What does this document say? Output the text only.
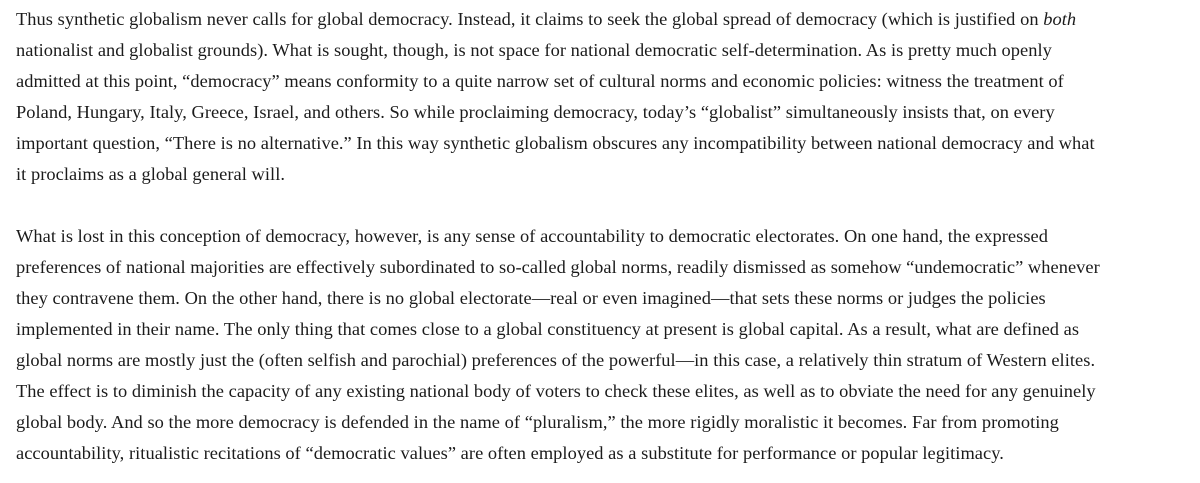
Thus synthetic globalism never calls for global democracy. Instead, it claims to seek the global spread of democracy (which is justified on both
nationalist and globalist grounds). What is sought, though, is not space for national democratic self-determination. As is pretty much openly
admitted at this point, “democracy” means conformity to a quite narrow set of cultural norms and economic policies: witness the treatment of
Poland, Hungary, Italy, Greece, Israel, and others. So while proclaiming democracy, today’s “globalist” simultaneously insists that, on every
important question, “There is no alternative.” In this way synthetic globalism obscures any incompatibility between national democracy and what
it proclaims as a global general will.

What is lost in this conception of democracy, however, is any sense of accountability to democratic electorates. On one hand, the expressed
preferences of national majorities are effectively subordinated to so-called global norms, readily dismissed as somehow “undemocratic” whenever
they contravene them. On the other hand, there is no global electorate—real or even imagined—that sets these norms or judges the policies
implemented in their name. The only thing that comes close to a global constituency at present is global capital. As a result, what are defined as
global norms are mostly just the (often selfish and parochial) preferences of the powerful—in this case, a relatively thin stratum of Western elites.
The effect is to diminish the capacity of any existing national body of voters to check these elites, as well as to obviate the need for any genuinely
global body. And so the more democracy is defended in the name of “pluralism,” the more rigidly moralistic it becomes. Far from promoting
accountability, ritualistic recitations of “democratic values” are often employed as a substitute for performance or popular legitimacy.
